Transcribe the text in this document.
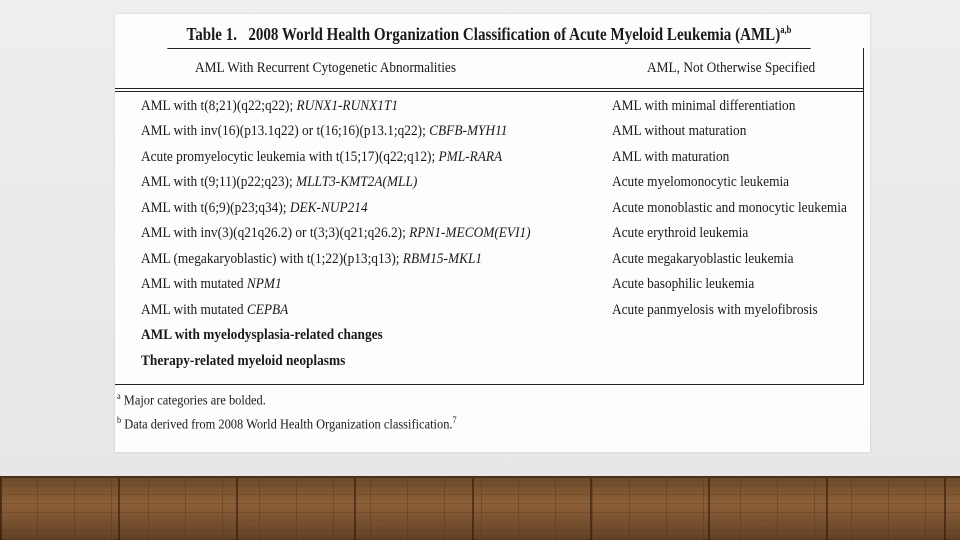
Table 1. 2008 World Health Organization Classification of Acute Myeloid Leukemia (AML)$^{a,b}$
AML With Recurrent Cytogenetic Abnormalities	AML, Not Otherwise Specified
AML with t(8;21)(q22;q22); RUNX1-RUNX1T1
AML with inv(16)(p13.1q22) or t(16;16)(p13.1;q22); CBFB-MYH11
Acute promyelocytic leukemia with t(15;17)(q22;q12); PML-RARA
AML with t(9;11)(p22;q23); MLLT3-KMT2A(MLL)
AML with t(6;9)(p23;q34); DEK-NUP214
AML with inv(3)(q21q26.2) or t(3;3)(q21;q26.2); RPN1-MECOM(EVI1)
AML (megakaryoblastic) with t(1;22)(p13;q13); RBM15-MKL1
AML with mutated NPM1
AML with mutated CEPBA
AML with myelodysplasia-related changes
Therapy-related myeloid neoplasms
AML with minimal differentiation
AML without maturation
AML with maturation
Acute myelomonocytic leukemia
Acute monoblastic and monocytic leukemia
Acute erythroid leukemia
Acute megakaryoblastic leukemia
Acute basophilic leukemia
Acute panmyelosis with myelofibrosis
$^a$ Major categories are bolded.
$^b$ Data derived from 2008 World Health Organization classification.$^7$
